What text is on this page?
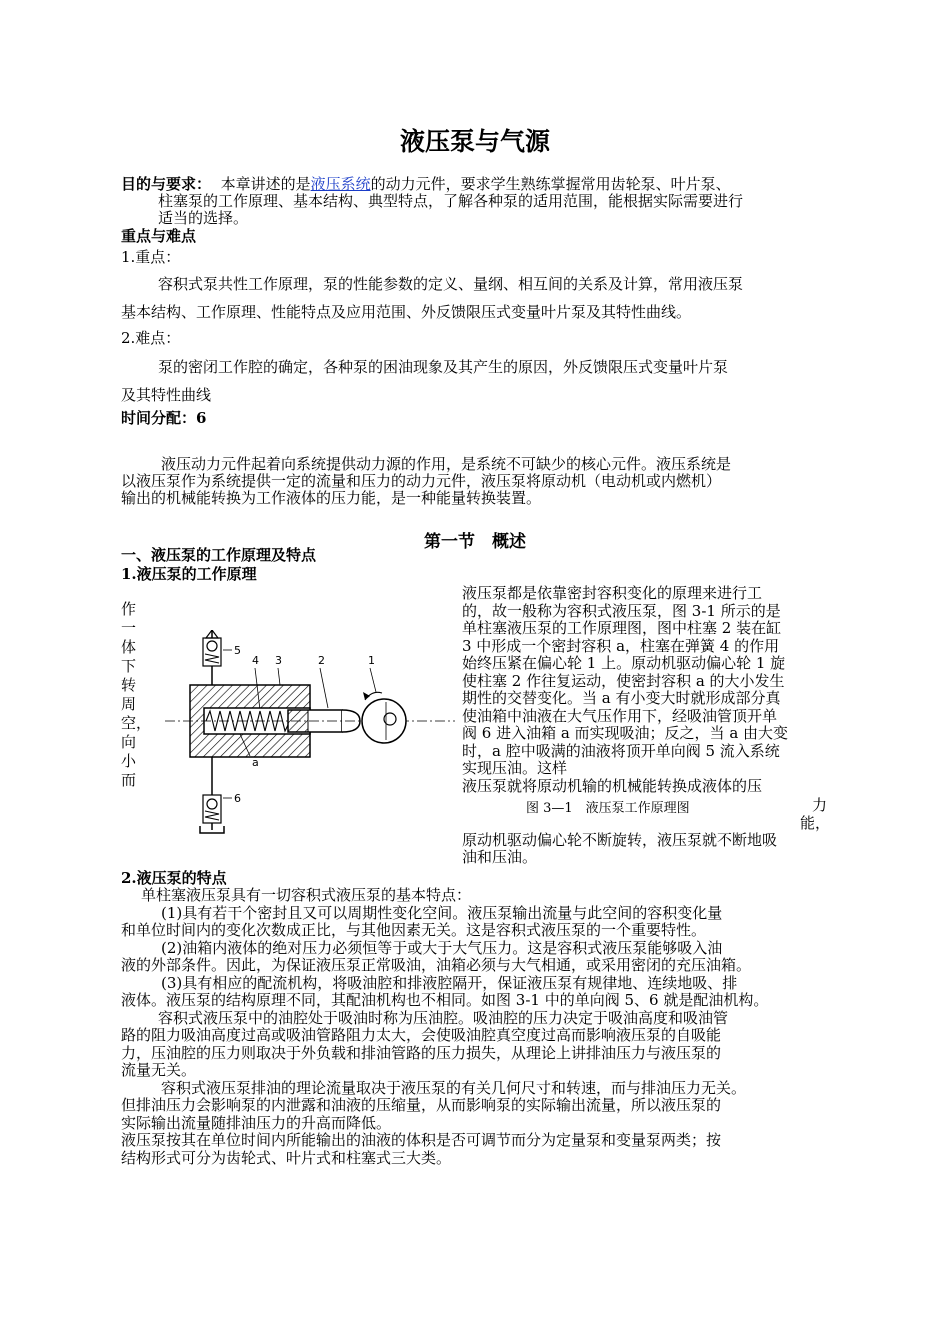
液压泵与气源
目的与要求： 本章讲述的是液压系统的动力元件，要求学生熟练掌握常用齿轮泵、叶片泵、
柱塞泵的工作原理、基本结构、典型特点，了解各种泵的适用范围，能根据实际需要进行
适当的选择。
重点与难点
1.重点：
容积式泵共性工作原理，泵的性能参数的定义、量纲、相互间的关系及计算，常用液压泵
基本结构、工作原理、性能特点及应用范围、外反馈限压式变量叶片泵及其特性曲线。
2.难点：
泵的密闭工作腔的确定，各种泵的困油现象及其产生的原因，外反馈限压式变量叶片泵
及其特性曲线
时间分配：6
液压动力元件起着向系统提供动力源的作用，是系统不可缺少的核心元件。液压系统是
以液压泵作为系统提供一定的流量和压力的动力元件，液压泵将原动机（电动机或内燃机）
输出的机械能转换为工作液体的压力能，是一种能量转换装置。
第一节　概述
一、液压泵的工作原理及特点
1.液压泵的工作原理
作
一
体
下
转
周
空，
向
小
而
5
4 3	2	1
a
6
液压泵都是依靠密封容积变化的原理来进行工
的，故一般称为容积式液压泵，图 3-1 所示的是
单柱塞液压泵的工作原理图，图中柱塞 2 装在缸
3 中形成一个密封容积 a，柱塞在弹簧 4 的作用
始终压紧在偏心轮 1 上。原动机驱动偏心轮 1 旋
使柱塞 2 作往复运动，使密封容积 a 的大小发生
期性的交替变化。当 a 有小变大时就形成部分真
使油箱中油液在大气压作用下，经吸油管顶开单
阀 6 进入油箱 a 而实现吸油；反之，当 a 由大变
时，a 腔中吸满的油液将顶开单向阀 5 流入系统
实现压油。这样
液压泵就将原动机输的机械能转换成液体的压
图 3—1　液压泵工作原理图	力
能，
原动机驱动偏心轮不断旋转，液压泵就不断地吸
油和压油。
2.液压泵的特点
单柱塞液压泵具有一切容积式液压泵的基本特点：
(1)具有若干个密封且又可以周期性变化空间。液压泵输出流量与此空间的容积变化量
和单位时间内的变化次数成正比，与其他因素无关。这是容积式液压泵的一个重要特性。
(2)油箱内液体的绝对压力必须恒等于或大于大气压力。这是容积式液压泵能够吸入油
液的外部条件。因此，为保证液压泵正常吸油，油箱必须与大气相通，或采用密闭的充压油箱。
(3)具有相应的配流机构，将吸油腔和排液腔隔开，保证液压泵有规律地、连续地吸、排
液体。液压泵的结构原理不同，其配油机构也不相同。如图 3-1 中的单向阀 5、6 就是配油机构。
容积式液压泵中的油腔处于吸油时称为压油腔。吸油腔的压力决定于吸油高度和吸油管
路的阻力吸油高度过高或吸油管路阻力太大，会使吸油腔真空度过高而影响液压泵的自吸能
力，压油腔的压力则取决于外负载和排油管路的压力损失，从理论上讲排油压力与液压泵的
流量无关。
容积式液压泵排油的理论流量取决于液压泵的有关几何尺寸和转速，而与排油压力无关。
但排油压力会影响泵的内泄露和油液的压缩量，从而影响泵的实际输出流量，所以液压泵的
实际输出流量随排油压力的升高而降低。
液压泵按其在单位时间内所能输出的油液的体积是否可调节而分为定量泵和变量泵两类；按
结构形式可分为齿轮式、叶片式和柱塞式三大类。
